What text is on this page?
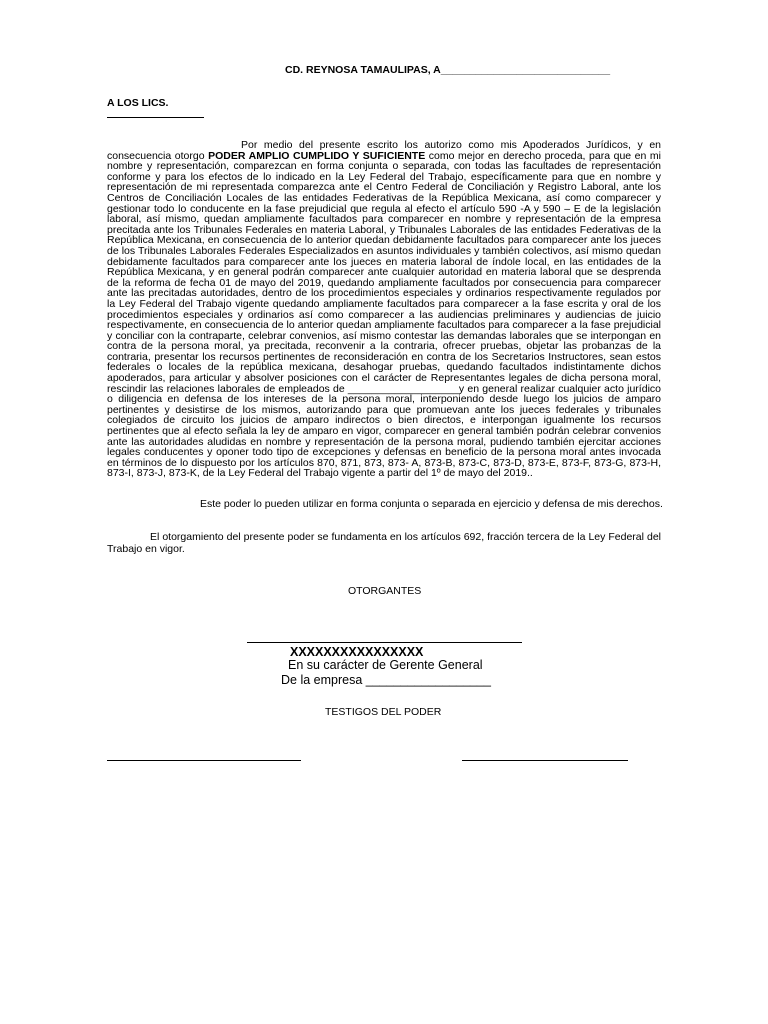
CD. REYNOSA TAMAULIPAS, A_____________________________
A LOS LICS.
Por medio del presente escrito los autorizo como mis Apoderados Jurídicos, y en consecuencia otorgo PODER AMPLIO CUMPLIDO Y SUFICIENTE como mejor en derecho proceda, para que en mi nombre y representación, comparezcan en forma conjunta o separada, con todas las facultades de representación conforme y para los efectos de lo indicado en la Ley Federal del Trabajo, específicamente para que en nombre y representación de mi representada comparezca ante el Centro Federal de Conciliación y Registro Laboral, ante los Centros de Conciliación Locales de las entidades Federativas de la República Mexicana, así como comparecer y gestionar todo lo conducente en la fase prejudicial que regula al efecto el artículo 590 -A y 590 – E de la legislación laboral, así mismo, quedan ampliamente facultados para comparecer en nombre y representación de la empresa precitada ante los Tribunales Federales en materia Laboral, y Tribunales Laborales de las entidades Federativas de la República Mexicana, en consecuencia de lo anterior quedan debidamente facultados para comparecer ante los jueces de los Tribunales Laborales Federales Especializados en asuntos individuales y también colectivos, así mismo quedan debidamente facultados para comparecer ante los jueces en materia laboral de índole local, en las entidades de la República Mexicana, y en general podrán comparecer ante cualquier autoridad en materia laboral que se desprenda de la reforma de fecha 01 de mayo del 2019, quedando ampliamente facultados por consecuencia para comparecer ante las precitadas autoridades, dentro de los procedimientos especiales y ordinarios respectivamente regulados por la Ley Federal del Trabajo vigente quedando ampliamente facultados para comparecer a la fase escrita y oral de los procedimientos especiales y ordinarios así como comparecer a las audiencias preliminares y audiencias de juicio respectivamente, en consecuencia de lo anterior quedan ampliamente facultados para comparecer a la fase prejudicial y conciliar con la contraparte, celebrar convenios, así mismo contestar las demandas laborales que se interpongan en contra de la persona moral, ya precitada, reconvenir a la contraria, ofrecer pruebas, objetar las probanzas de la contraria, presentar los recursos pertinentes de reconsideración en contra de los Secretarios Instructores, sean estos federales o locales de la república mexicana, desahogar pruebas, quedando facultados indistintamente dichos apoderados, para articular y absolver posiciones con el carácter de Representantes legales de dicha persona moral, rescindir las relaciones laborales de empleados de ___________________y en general realizar cualquier acto jurídico o diligencia en defensa de los intereses de la persona moral, interponiendo desde luego los juicios de amparo pertinentes y desistirse de los mismos, autorizando para que promuevan ante los jueces federales y tribunales colegiados de circuito los juicios de amparo indirectos o bien directos, e interpongan igualmente los recursos pertinentes que al efecto señala la ley de amparo en vigor, comparecer en general también podrán celebrar convenios ante las autoridades aludidas en nombre y representación de la persona moral, pudiendo también ejercitar acciones legales conducentes y oponer todo tipo de excepciones y defensas en beneficio de la persona moral antes invocada en términos de lo dispuesto por los artículos 870, 871, 873, 873- A, 873-B, 873-C, 873-D, 873-E, 873-F, 873-G, 873-H, 873-I, 873-J, 873-K, de la Ley Federal del Trabajo vigente a partir del 1º de mayo del 2019..
Este poder lo pueden utilizar en forma conjunta o separada en ejercicio y defensa de mis derechos.
El otorgamiento del presente poder se fundamenta en los artículos 692, fracción tercera de la Ley Federal del Trabajo en vigor.
OTORGANTES
XXXXXXXXXXXXXXXX
En su carácter de Gerente General
De la empresa __________________
TESTIGOS DEL PODER
